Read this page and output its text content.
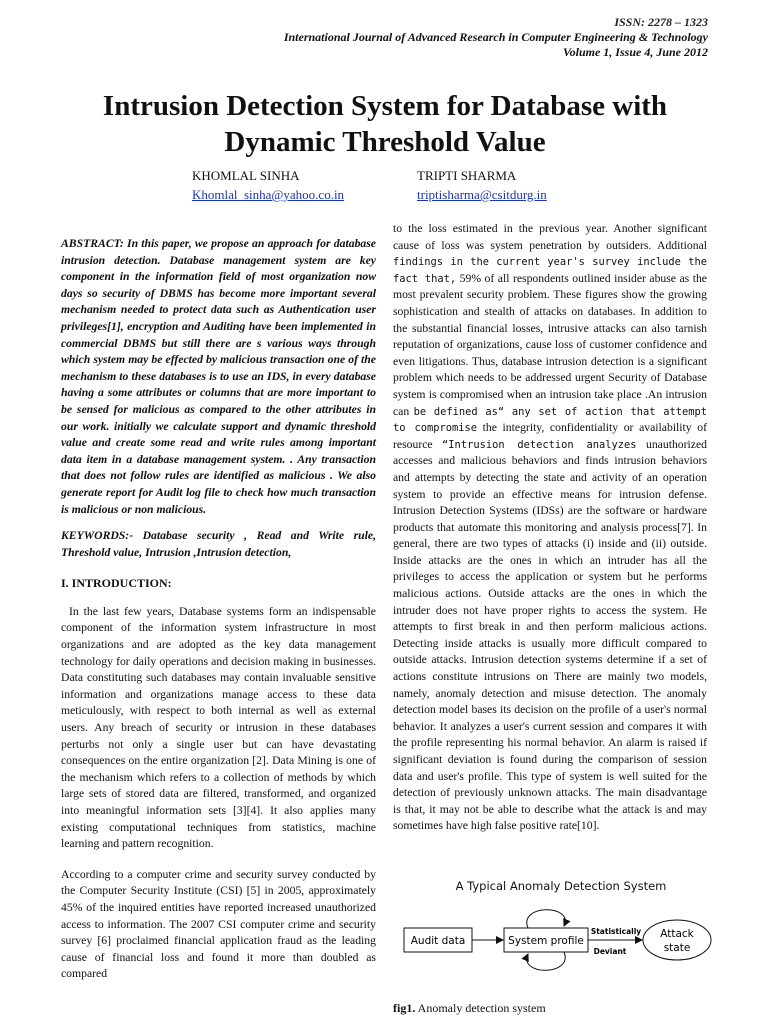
ISSN: 2278 – 1323
International Journal of Advanced Research in Computer Engineering & Technology
Volume 1, Issue 4, June 2012
Intrusion Detection System for Database with
Dynamic Threshold Value
KHOMLAL SINHA
Khomlal_sinha@yahoo.co.in
TRIPTI SHARMA
triptisharma@csitdurg.in

ABSTRACT: In this paper, we propose an approach for database intrusion detection. Database management system are key component in the information field of most organization now days so security of DBMS has become more important several mechanism needed to protect data such as Authentication user privileges[1], encryption and Auditing have been implemented in commercial DBMS but still there are s various ways through which system may be effected by malicious transaction one of the mechanism to these databases is to use an IDS, in every database having a some attributes or columns that are more important to be sensed for malicious as compared to the other attributes in our work. initially we calculate support and dynamic threshold value and create some read and write rules among important data item in a database management system. . Any transaction that does not follow rules are identified as malicious . We also generate report for Audit log file to check how much transaction is malicious or non malicious.

KEYWORDS:- Database security , Read and Write rule, Threshold value, Intrusion ,Intrusion detection,

I. INTRODUCTION:

In the last few years, Database systems form an indispensable component of the information system infrastructure in most organizations and are adopted as the key data management technology for daily operations and decision making in businesses. Data constituting such databases may contain invaluable sensitive information and organizations manage access to these data meticulously, with respect to both internal as well as external users. Any breach of security or intrusion in these databases perturbs not only a single user but can have devastating consequences on the entire organization [2]. Data Mining is one of the mechanism which refers to a collection of methods by which large sets of stored data are filtered, transformed, and organized into meaningful information sets [3][4]. It also applies many existing computational techniques from statistics, machine learning and pattern recognition.

According to a computer crime and security survey conducted by the Computer Security Institute (CSI) [5] in 2005, approximately 45% of the inquired entities have reported increased unauthorized access to information. The 2007 CSI computer crime and security survey [6] proclaimed financial application fraud as the leading cause of financial loss and found it more than doubled as compared

to the loss estimated in the previous year. Another significant cause of loss was system penetration by outsiders. Additional findings in the current year's survey include the fact that, 59% of all respondents outlined insider abuse as the most prevalent security problem. These figures show the growing sophistication and stealth of attacks on databases. In addition to the substantial financial losses, intrusive attacks can also tarnish reputation of organizations, cause loss of customer confidence and even litigations. Thus, database intrusion detection is a significant problem which needs to be addressed urgent Security of Database system is compromised when an intrusion take place .An intrusion can be defined as“ any set of action that attempt to compromise the integrity, confidentiality or availability of resource “Intrusion detection analyzes unauthorized accesses and malicious behaviors and finds intrusion behaviors and attempts by detecting the state and activity of an operation system to provide an effective means for intrusion defense. Intrusion Detection Systems (IDSs) are the software or hardware products that automate this monitoring and analysis process[7]. In general, there are two types of attacks (i) inside and (ii) outside. Inside attacks are the ones in which an intruder has all the privileges to access the application or system but he performs malicious actions. Outside attacks are the ones in which the intruder does not have proper rights to access the system. He attempts to first break in and then perform malicious actions. Detecting inside attacks is usually more difficult compared to outside attacks. Intrusion detection systems determine if a set of actions constitute intrusions on There are mainly two models, namely, anomaly detection and misuse detection. The anomaly detection model bases its decision on the profile of a user's normal behavior. It analyzes a user's current session and compares it with the profile representing his normal behavior. An alarm is raised if significant deviation is found during the comparison of session data and user's profile. This type of system is well suited for the detection of previously unknown attacks. The main disadvantage is that, it may not be able to describe what the attack is and may sometimes have high false positive rate[10].

A Typical Anomaly Detection System
Audit data	System profile
Statistically
Deviant
Attack
state
fig1. Anomaly detection system
